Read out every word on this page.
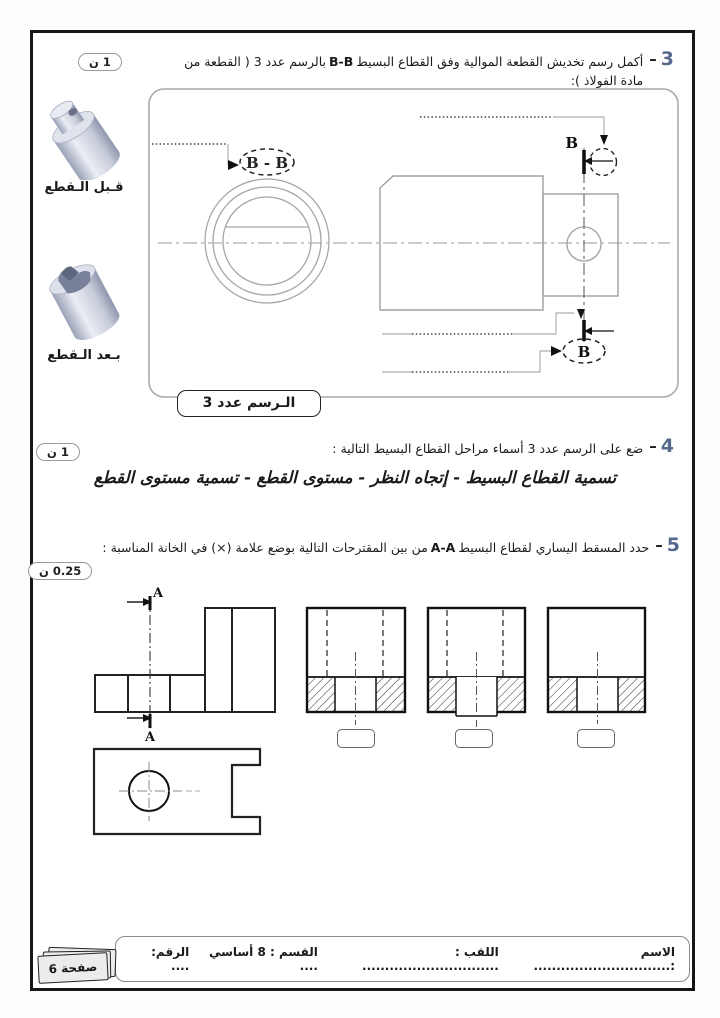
3
–
أكمل رسم تخديش القطعة الموالية وفق القطاع البسيطB-Bبالرسم عدد 3 ( القطعة من مادة الفولاذ ):
1 ن
قـبل الـقطع
بـعد الـقطع
B - B
B
B
الـرسم عدد 3
4
–
ضع على الرسم عدد 3 أسماء مراحل القطاع البسيط التالية :
1 ن
تسمية القطاع البسيط - إتجاه النظر - مستوى القطع - تسمية مستوى القطع
5
–
حدد المسقط اليساري لقطاع البسيطA-Aمن بين المقترحات التالية بوضع علامة (×) في الخانة المناسبة :
0.25 ن
A
A
الاسم :..............................
اللقب : ..............................
القسم : 8 أساسي ....
الرقم: ....
صفحة 6
